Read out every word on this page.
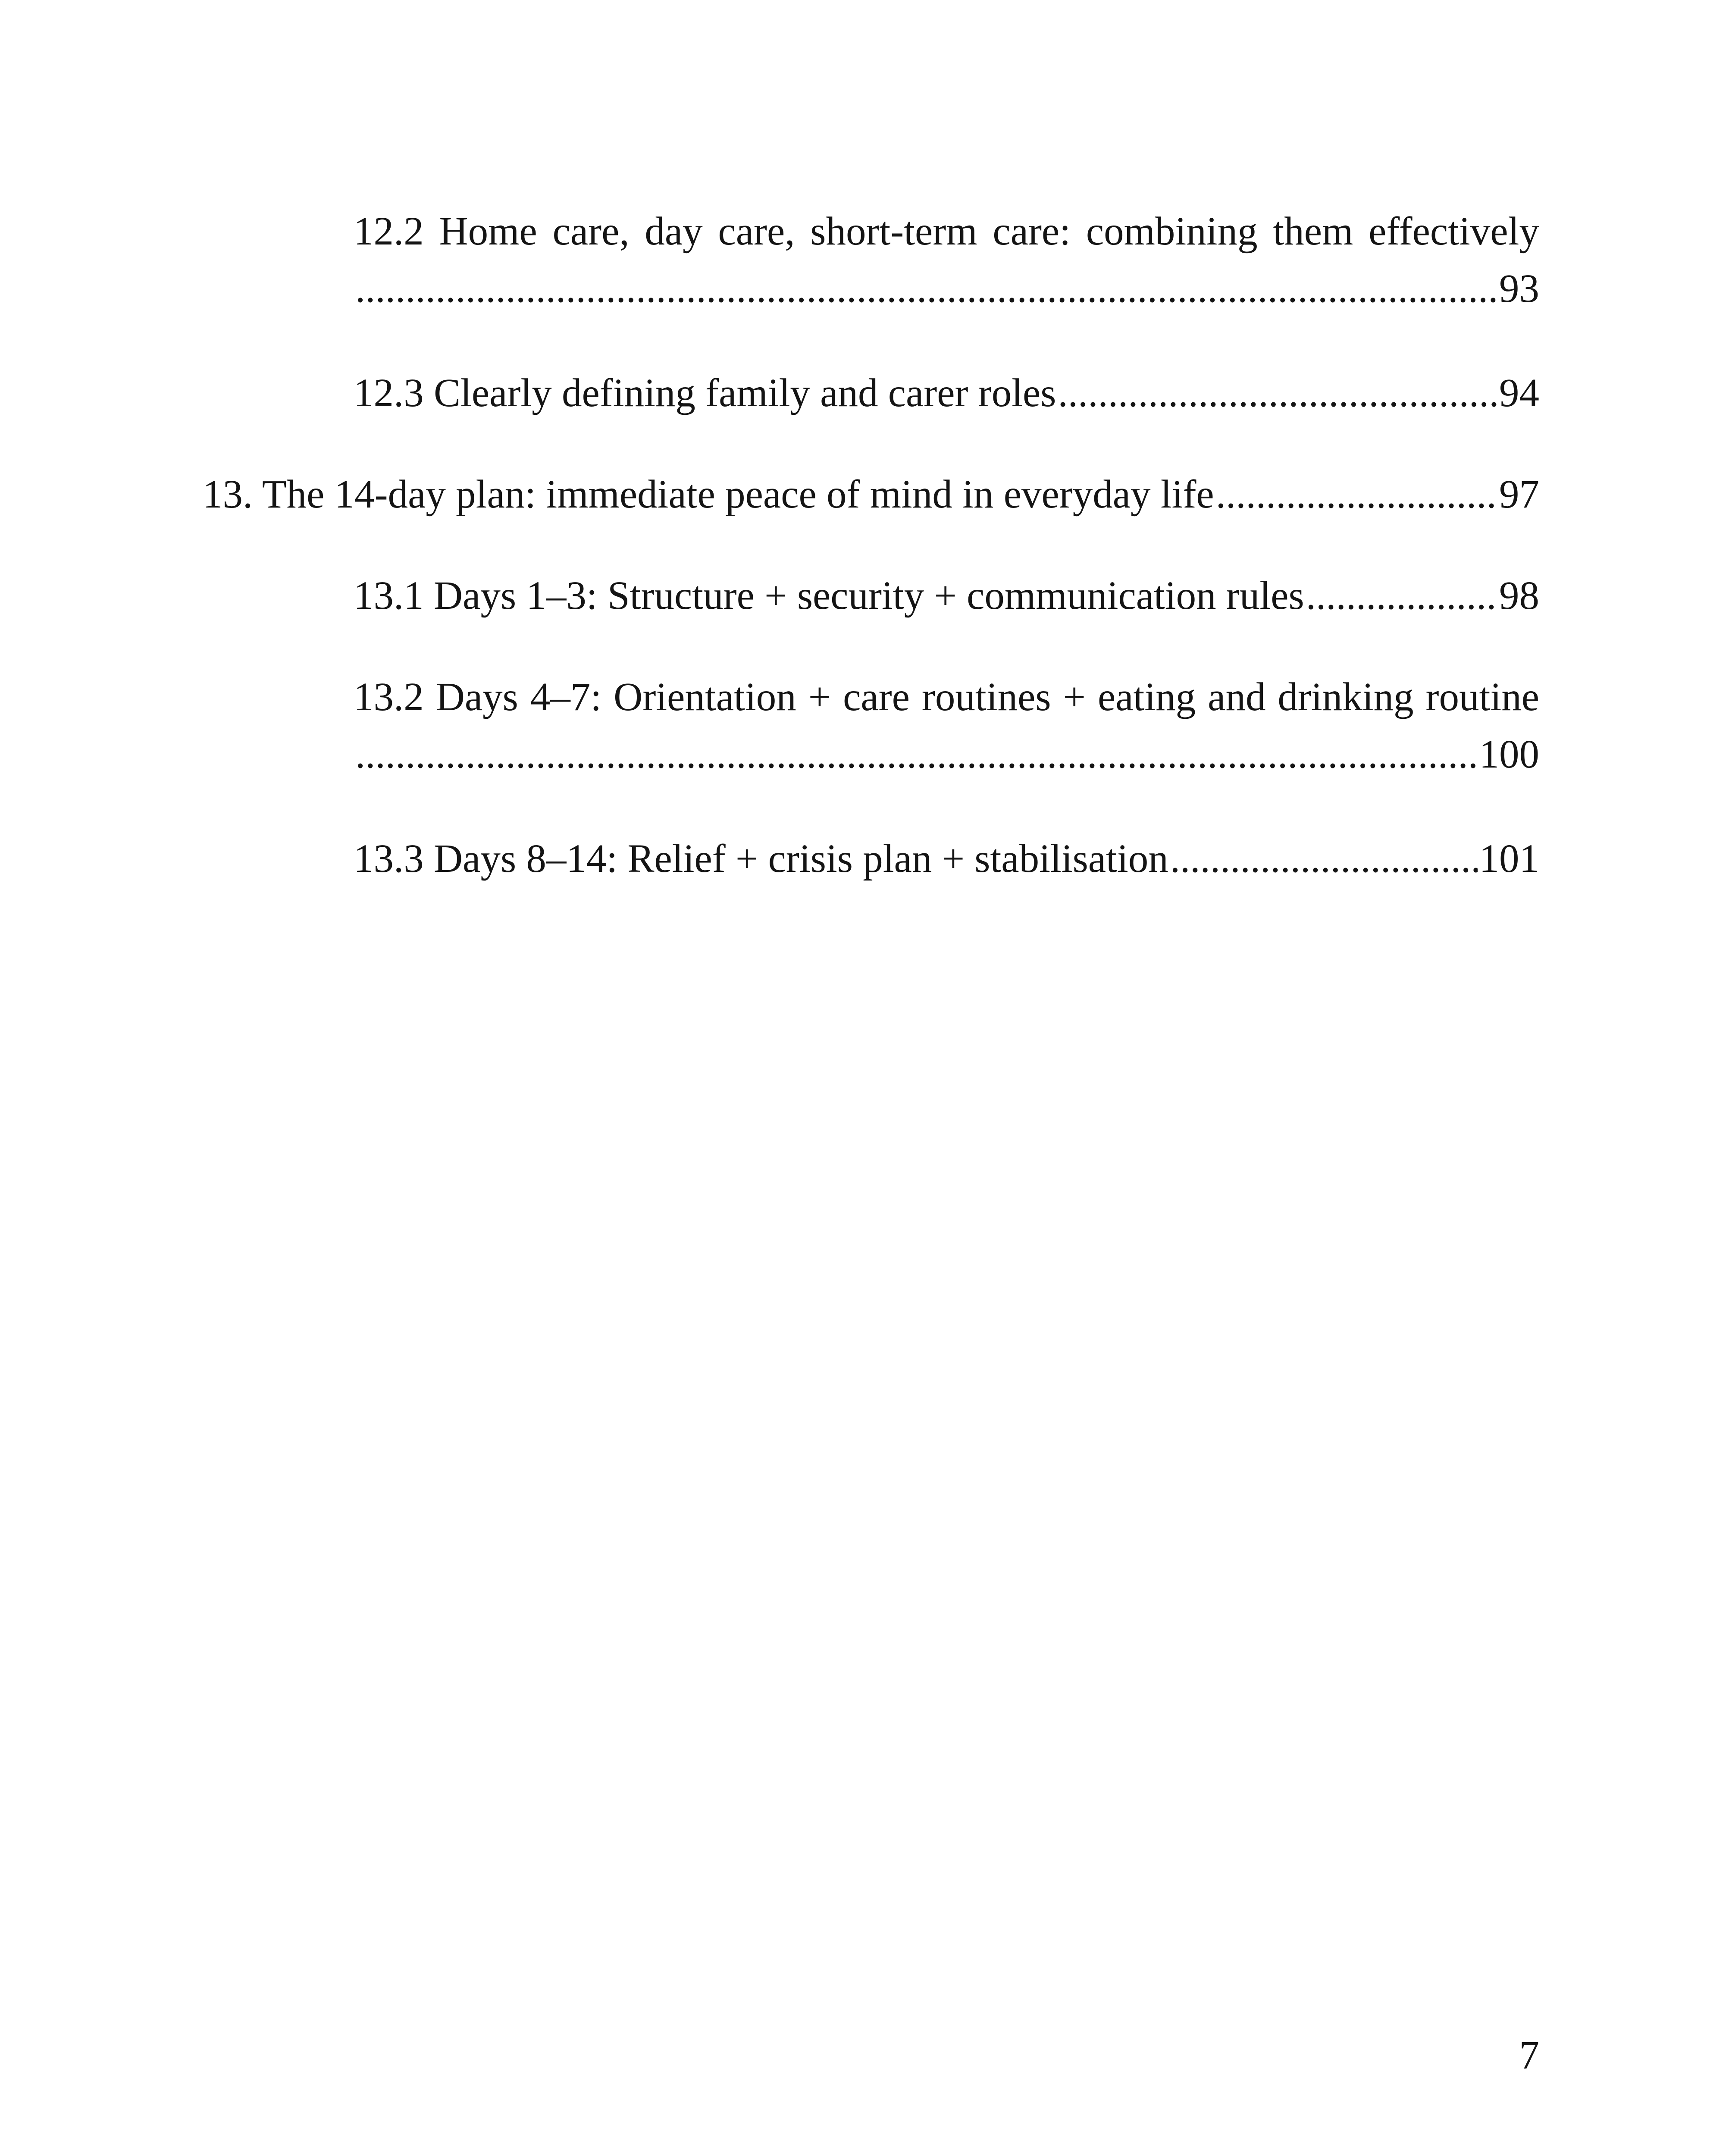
12.2 Home care, day care, short-term care: combining them effectively
.....
93
12.3 Clearly defining family and carer roles .....	94
13. The 14-day plan: immediate peace of mind in everyday life .....	97
13.1 Days 1–3: Structure + security + communication rules .....	98
13.2 Days 4–7: Orientation + care routines + eating and drinking routine
.....
100
13.3 Days 8–14: Relief + crisis plan + stabilisation .....	101
7
